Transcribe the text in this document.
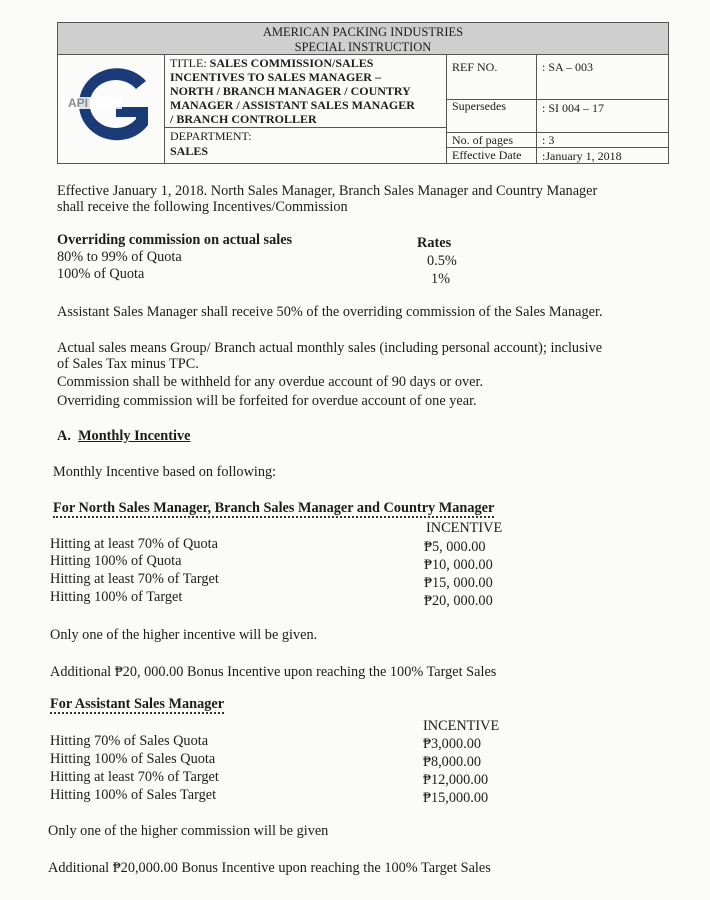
AMERICAN PACKING INDUSTRIES
SPECIAL INSTRUCTION
API
TITLE: SALES COMMISSION/SALES
INCENTIVES TO SALES MANAGER –
NORTH / BRANCH MANAGER / COUNTRY
MANAGER / ASSISTANT SALES MANAGER
/ BRANCH CONTROLLER
DEPARTMENT:
SALES
REF NO.	: SA – 003
Supersedes	: SI 004 – 17
No. of pages : 3
Effective Date :January 1, 2018
Effective January 1, 2018. North Sales Manager, Branch Sales Manager and Country Manager
shall receive the following Incentives/Commission
Overriding commission on actual sales	Rates
80% to 99% of Quota	0.5%
100% of Quota	1%
Assistant Sales Manager shall receive 50% of the overriding commission of the Sales Manager.
Actual sales means Group/ Branch actual monthly sales (including personal account); inclusive
of Sales Tax minus TPC.
Commission shall be withheld for any overdue account of 90 days or over.
Overriding commission will be forfeited for overdue account of one year.
A. Monthly Incentive
Monthly Incentive based on following:
For North Sales Manager, Branch Sales Manager and Country Manager
INCENTIVE
Hitting at least 70% of Quota	₱5, 000.00
Hitting 100% of Quota	₱10, 000.00
Hitting at least 70% of Target	₱15, 000.00
Hitting 100% of Target	₱20, 000.00
Only one of the higher incentive will be given.
Additional ₱20, 000.00 Bonus Incentive upon reaching the 100% Target Sales
For Assistant Sales Manager
INCENTIVE
Hitting 70% of Sales Quota	₱3,000.00
Hitting 100% of Sales Quota	₱8,000.00
Hitting at least 70% of Target	₱12,000.00
Hitting 100% of Sales Target	₱15,000.00
Only one of the higher commission will be given
Additional ₱20,000.00 Bonus Incentive upon reaching the 100% Target Sales
